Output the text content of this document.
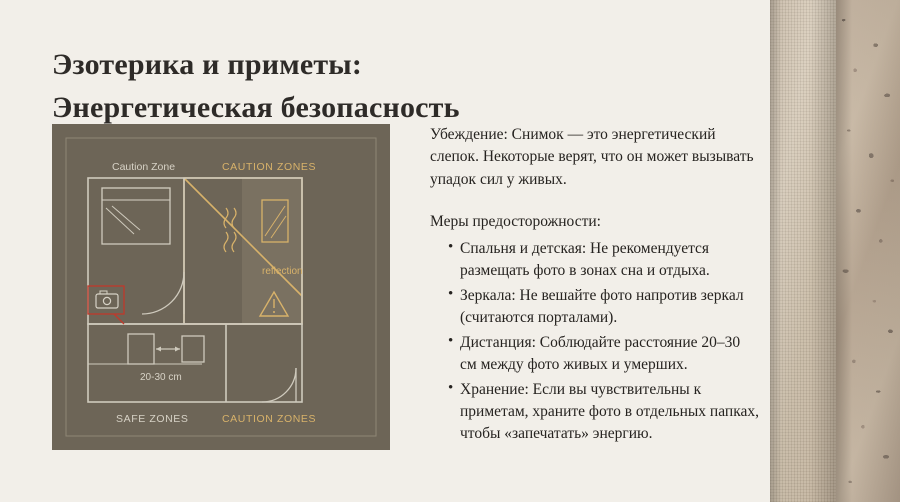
Эзотерика и приметы:
Энергетическая безопасность
reflection
20-30 cm
Caution Zone	CAUTION ZONES
SAFE ZONES	CAUTION ZONES

Убеждение: Снимок — это энергетический слепок. Некоторые верят, что он может вызывать упадок сил у живых.

Меры предосторожности:

• Спальня и детская: Не рекомендуется размещать фото в зонах сна и отдыха.
• Зеркала: Не вешайте фото напротив зеркал (считаются порталами).
• Дистанция: Соблюдайте расстояние 20–30 см между фото живых и умерших.
• Хранение: Если вы чувствительны к приметам, храните фото в отдельных папках, чтобы «запечатать» энергию.
